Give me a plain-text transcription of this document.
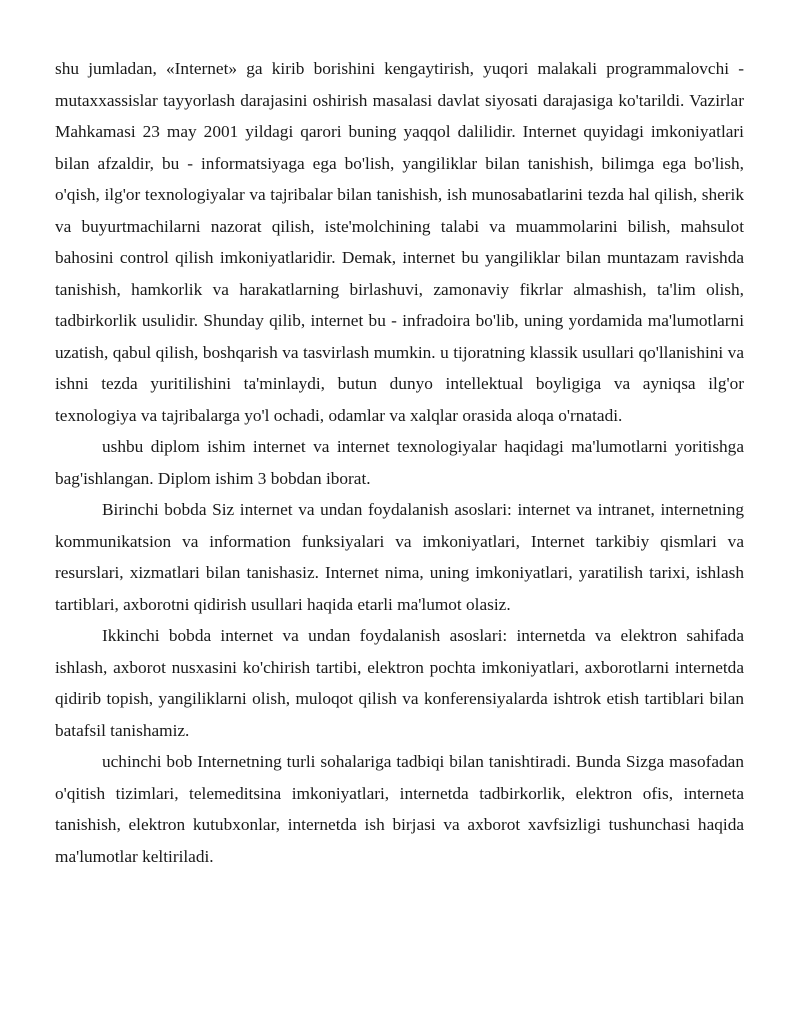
shu jumladan, «Internet» ga kirib borishini kengaytirish, yuqori malakali programmalovchi - mutaxxassislar tayyorlash darajasini oshirish masalasi davlat siyosati darajasiga ko'tarildi. Vazirlar Mahkamasi 23 may 2001 yildagi qarori buning yaqqol dalilidir. Internet quyidagi imkoniyatlari bilan afzaldir, bu - informatsiyaga ega bo'lish, yangiliklar bilan tanishish, bilimga ega bo'lish, o'qish, ilg'or texnologiyalar va tajribalar bilan tanishish, ish munosabatlarini tezda hal qilish, sherik va buyurtmachilarni nazorat qilish, iste'molchining talabi va muammolarini bilish, mahsulot bahosini control qilish imkoniyatlaridir. Demak, internet bu yangiliklar bilan muntazam ravishda tanishish, hamkorlik va harakatlarning birlashuvi, zamonaviy fikrlar almashish, ta'lim olish, tadbirkorlik usulidir. Shunday qilib, internet bu - infradoira bo'lib, uning yordamida ma'lumotlarni uzatish, qabul qilish, boshqarish va tasvirlash mumkin. u tijoratning klassik usullari qo'llanishini va ishni tezda yuritilishini ta'minlaydi, butun dunyo intellektual boyligiga va ayniqsa ilg'or texnologiya va tajribalarga yo'l ochadi, odamlar va xalqlar orasida aloqa o'rnatadi.

ushbu diplom ishim internet va internet texnologiyalar haqidagi ma'lumotlarni yoritishga bag'ishlangan. Diplom ishim 3 bobdan iborat.

Birinchi bobda Siz internet va undan foydalanish asoslari: internet va intranet, internetning kommunikatsion va information funksiyalari va imkoniyatlari, Internet tarkibiy qismlari va resurslari, xizmatlari bilan tanishasiz. Internet nima, uning imkoniyatlari, yaratilish tarixi, ishlash tartiblari, axborotni qidirish usullari haqida etarli ma'lumot olasiz.

Ikkinchi bobda internet va undan foydalanish asoslari: internetda va elektron sahifada ishlash, axborot nusxasini ko'chirish tartibi, elektron pochta imkoniyatlari, axborotlarni internetda qidirib topish, yangiliklarni olish, muloqot qilish va konferensiyalarda ishtrok etish tartiblari bilan batafsil tanishamiz.

uchinchi bob Internetning turli sohalariga tadbiqi bilan tanishtiradi. Bunda Sizga masofadan o'qitish tizimlari, telemeditsina imkoniyatlari, internetda tadbirkorlik, elektron ofis, interneta tanishish, elektron kutubxonlar, internetda ish birjasi va axborot xavfsizligi tushunchasi haqida ma'lumotlar keltiriladi.
